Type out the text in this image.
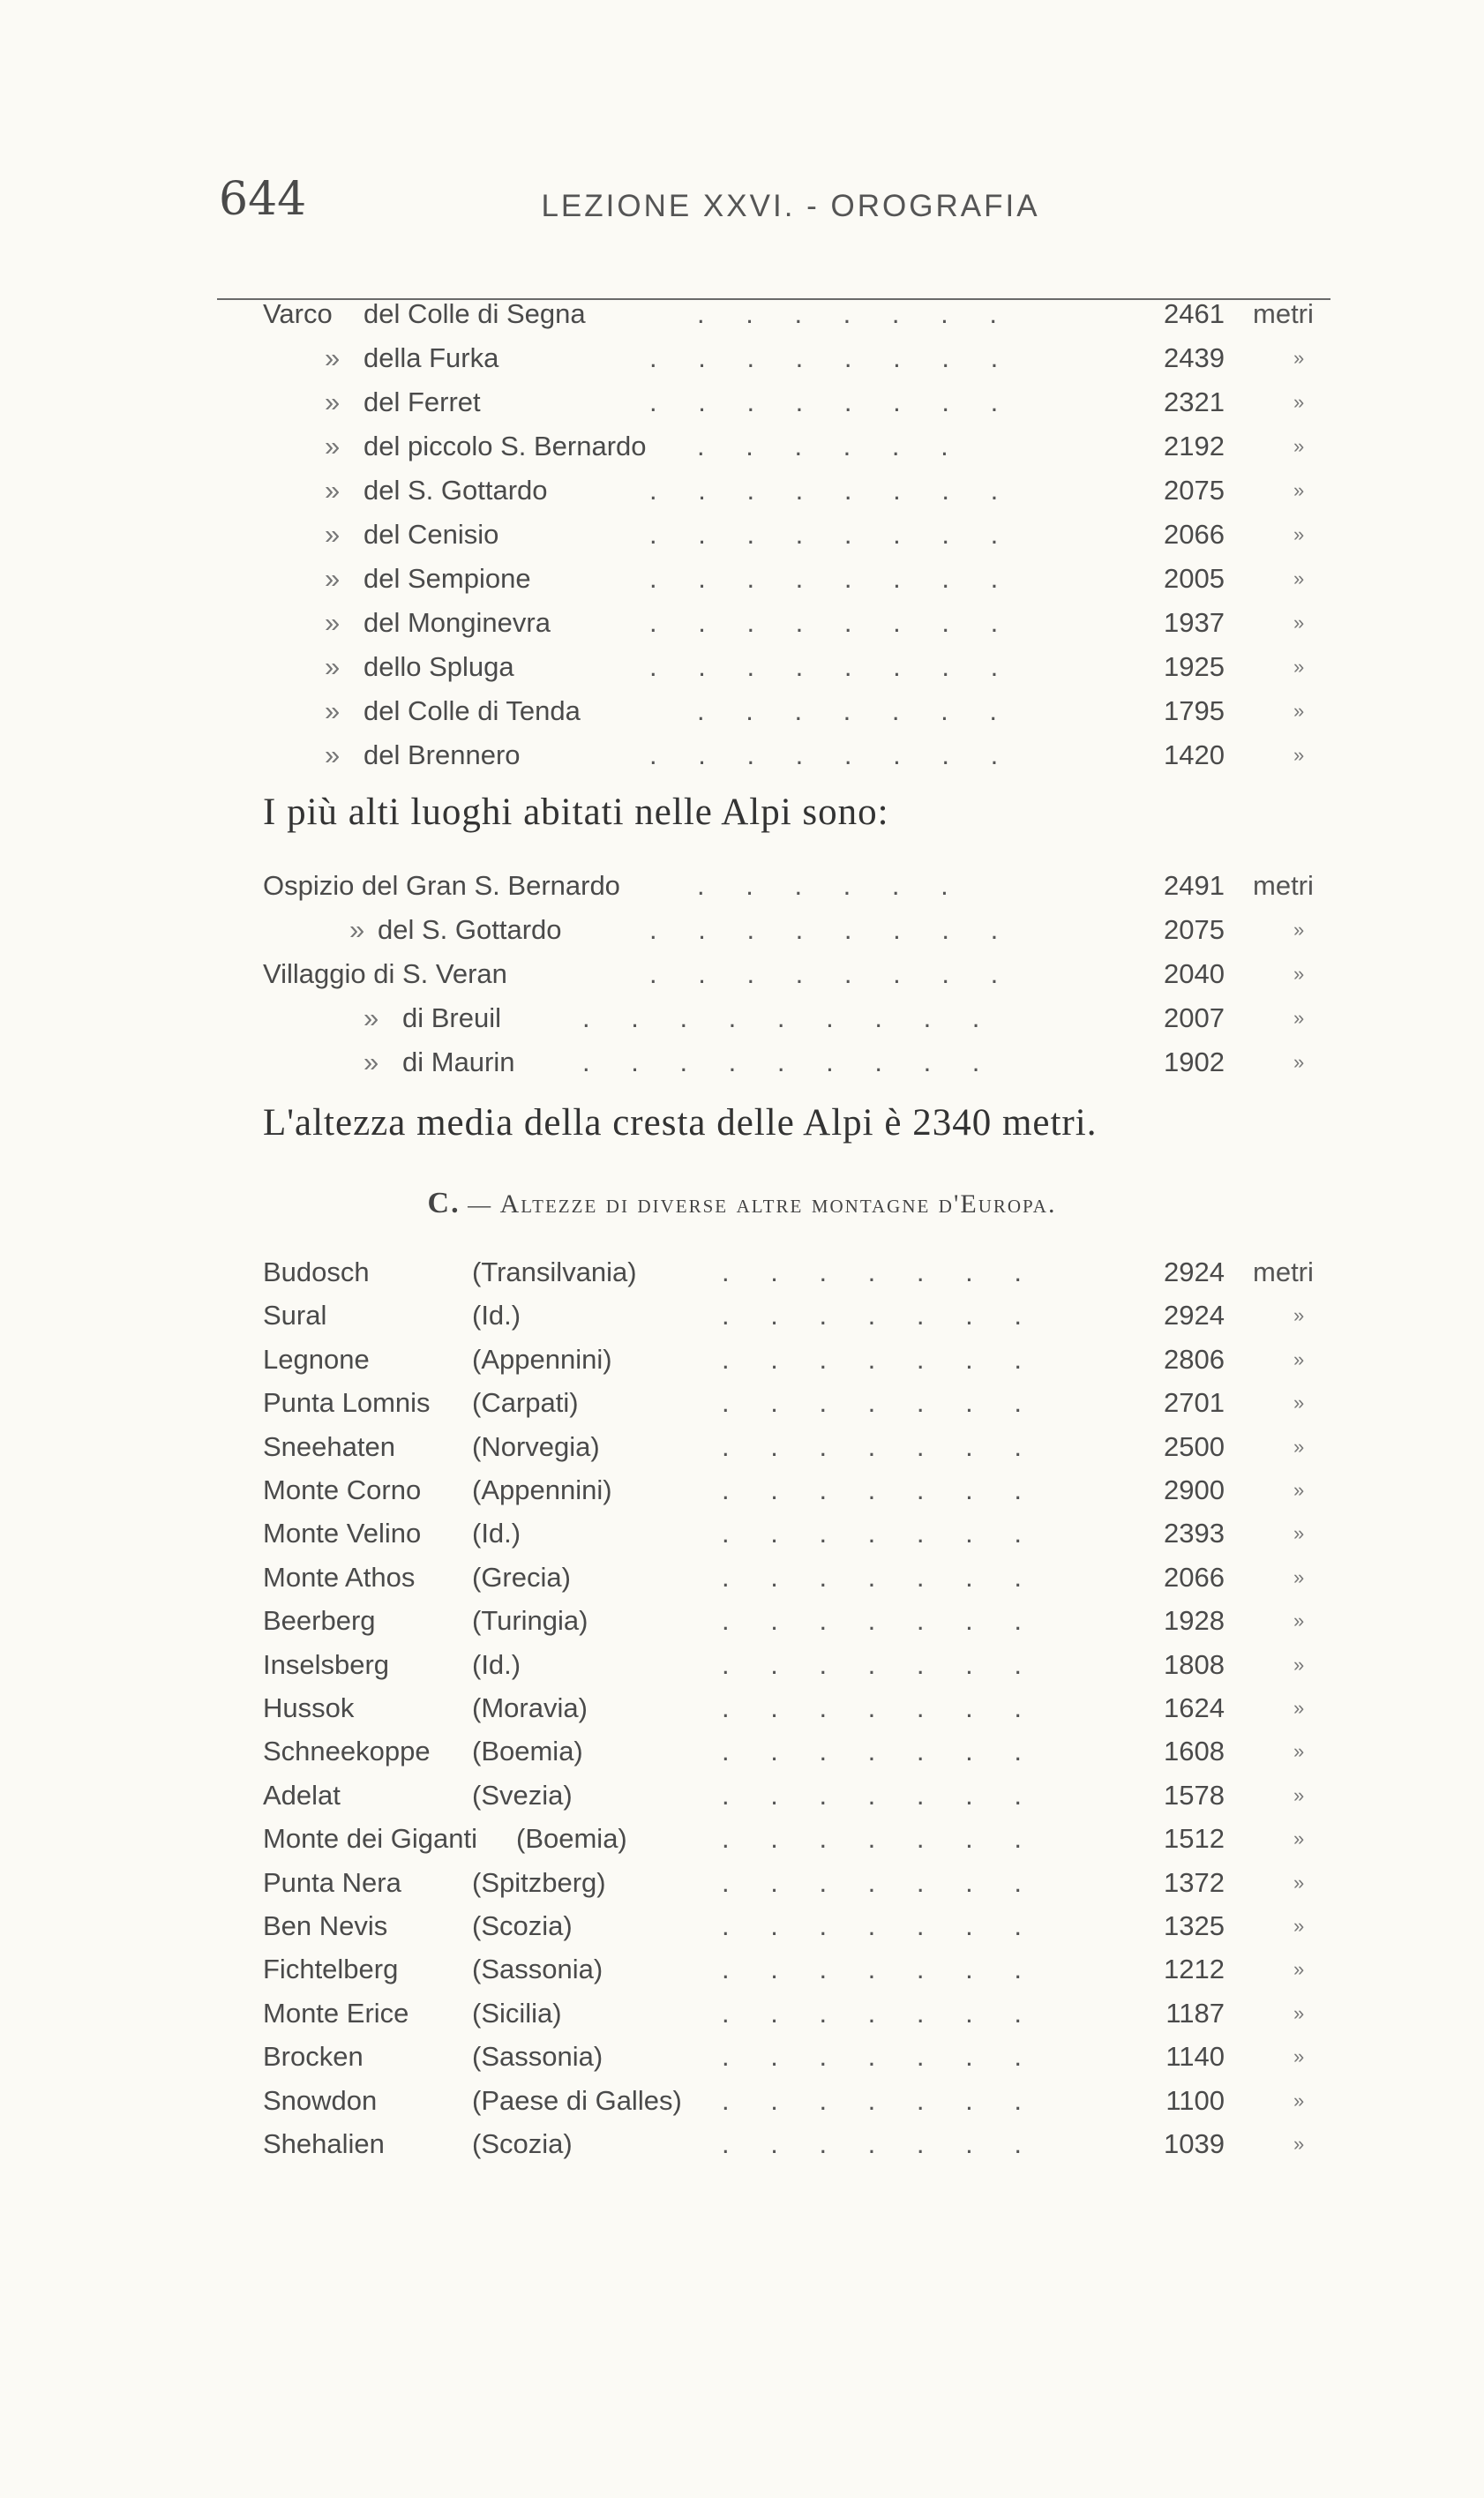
644	LEZIONE XXVI. - OROGRAFIA
Varco del Colle di Segna	. . . . . . .	2461 metri
» della Furka	. . . . . . . .	2439	»
» del Ferret	. . . . . . . .	2321	»
» del piccolo S. Bernardo . . . . . .	2192	»
» del S. Gottardo	. . . . . . . .	2075	»
» del Cenisio	. . . . . . . .	2066	»
» del Sempione	. . . . . . . .	2005	»
» del Monginevra	. . . . . . . .	1937	»
» dello Spluga	. . . . . . . .	1925	»
» del Colle di Tenda	. . . . . . .	1795	»
» del Brennero	. . . . . . . .	1420	»
I più alti luoghi abitati nelle Alpi sono:
Ospizio del Gran S. Bernardo	. . . . . .	2491 metri
» del S. Gottardo	. . . . . . . .	2075	»
Villaggio di S. Veran	. . . . . . . .	2040	»
» di Breuil	. . . . . . . . .	2007	»
» di Maurin . . . . . . . . .	1902	»
L'altezza media della cresta delle Alpi è 2340 metri.
C. — Altezze di diverse altre montagne d'Europa.
Budosch	(Transilvania)	. . . . . . .	2924 metri
Sural	(Id.)	. . . . . . .	2924	»
Legnone	(Appennini)	. . . . . . .	2806	»
Punta Lomnis (Carpati)	. . . . . . .	2701	»
Sneehaten	(Norvegia)	. . . . . . .	2500	»
Monte Corno (Appennini)	. . . . . . .	2900	»
Monte Velino (Id.)	. . . . . . .	2393	»
Monte Athos (Grecia)	. . . . . . .	2066	»
Beerberg	(Turingia)	. . . . . . .	1928	»
Inselsberg	(Id.)	. . . . . . .	1808	»
Hussok	(Moravia)	. . . . . . .	1624	»
Schneekoppe (Boemia)	. . . . . . .	1608	»
Adelat	(Svezia)	. . . . . . .	1578	»
Monte dei Giganti (Boemia)	. . . . . . .	1512	»
Punta Nera	(Spitzberg)	. . . . . . .	1372	»
Ben Nevis	(Scozia)	. . . . . . .	1325	»
Fichtelberg	(Sassonia)	. . . . . . .	1212	»
Monte Erice (Sicilia)	. . . . . . .	1187	»
Brocken	(Sassonia)	. . . . . . .	1140	»
Snowdon	(Paese di Galles) . . . . . . .	1100	»
Shehalien	(Scozia)	. . . . . . .	1039	»
